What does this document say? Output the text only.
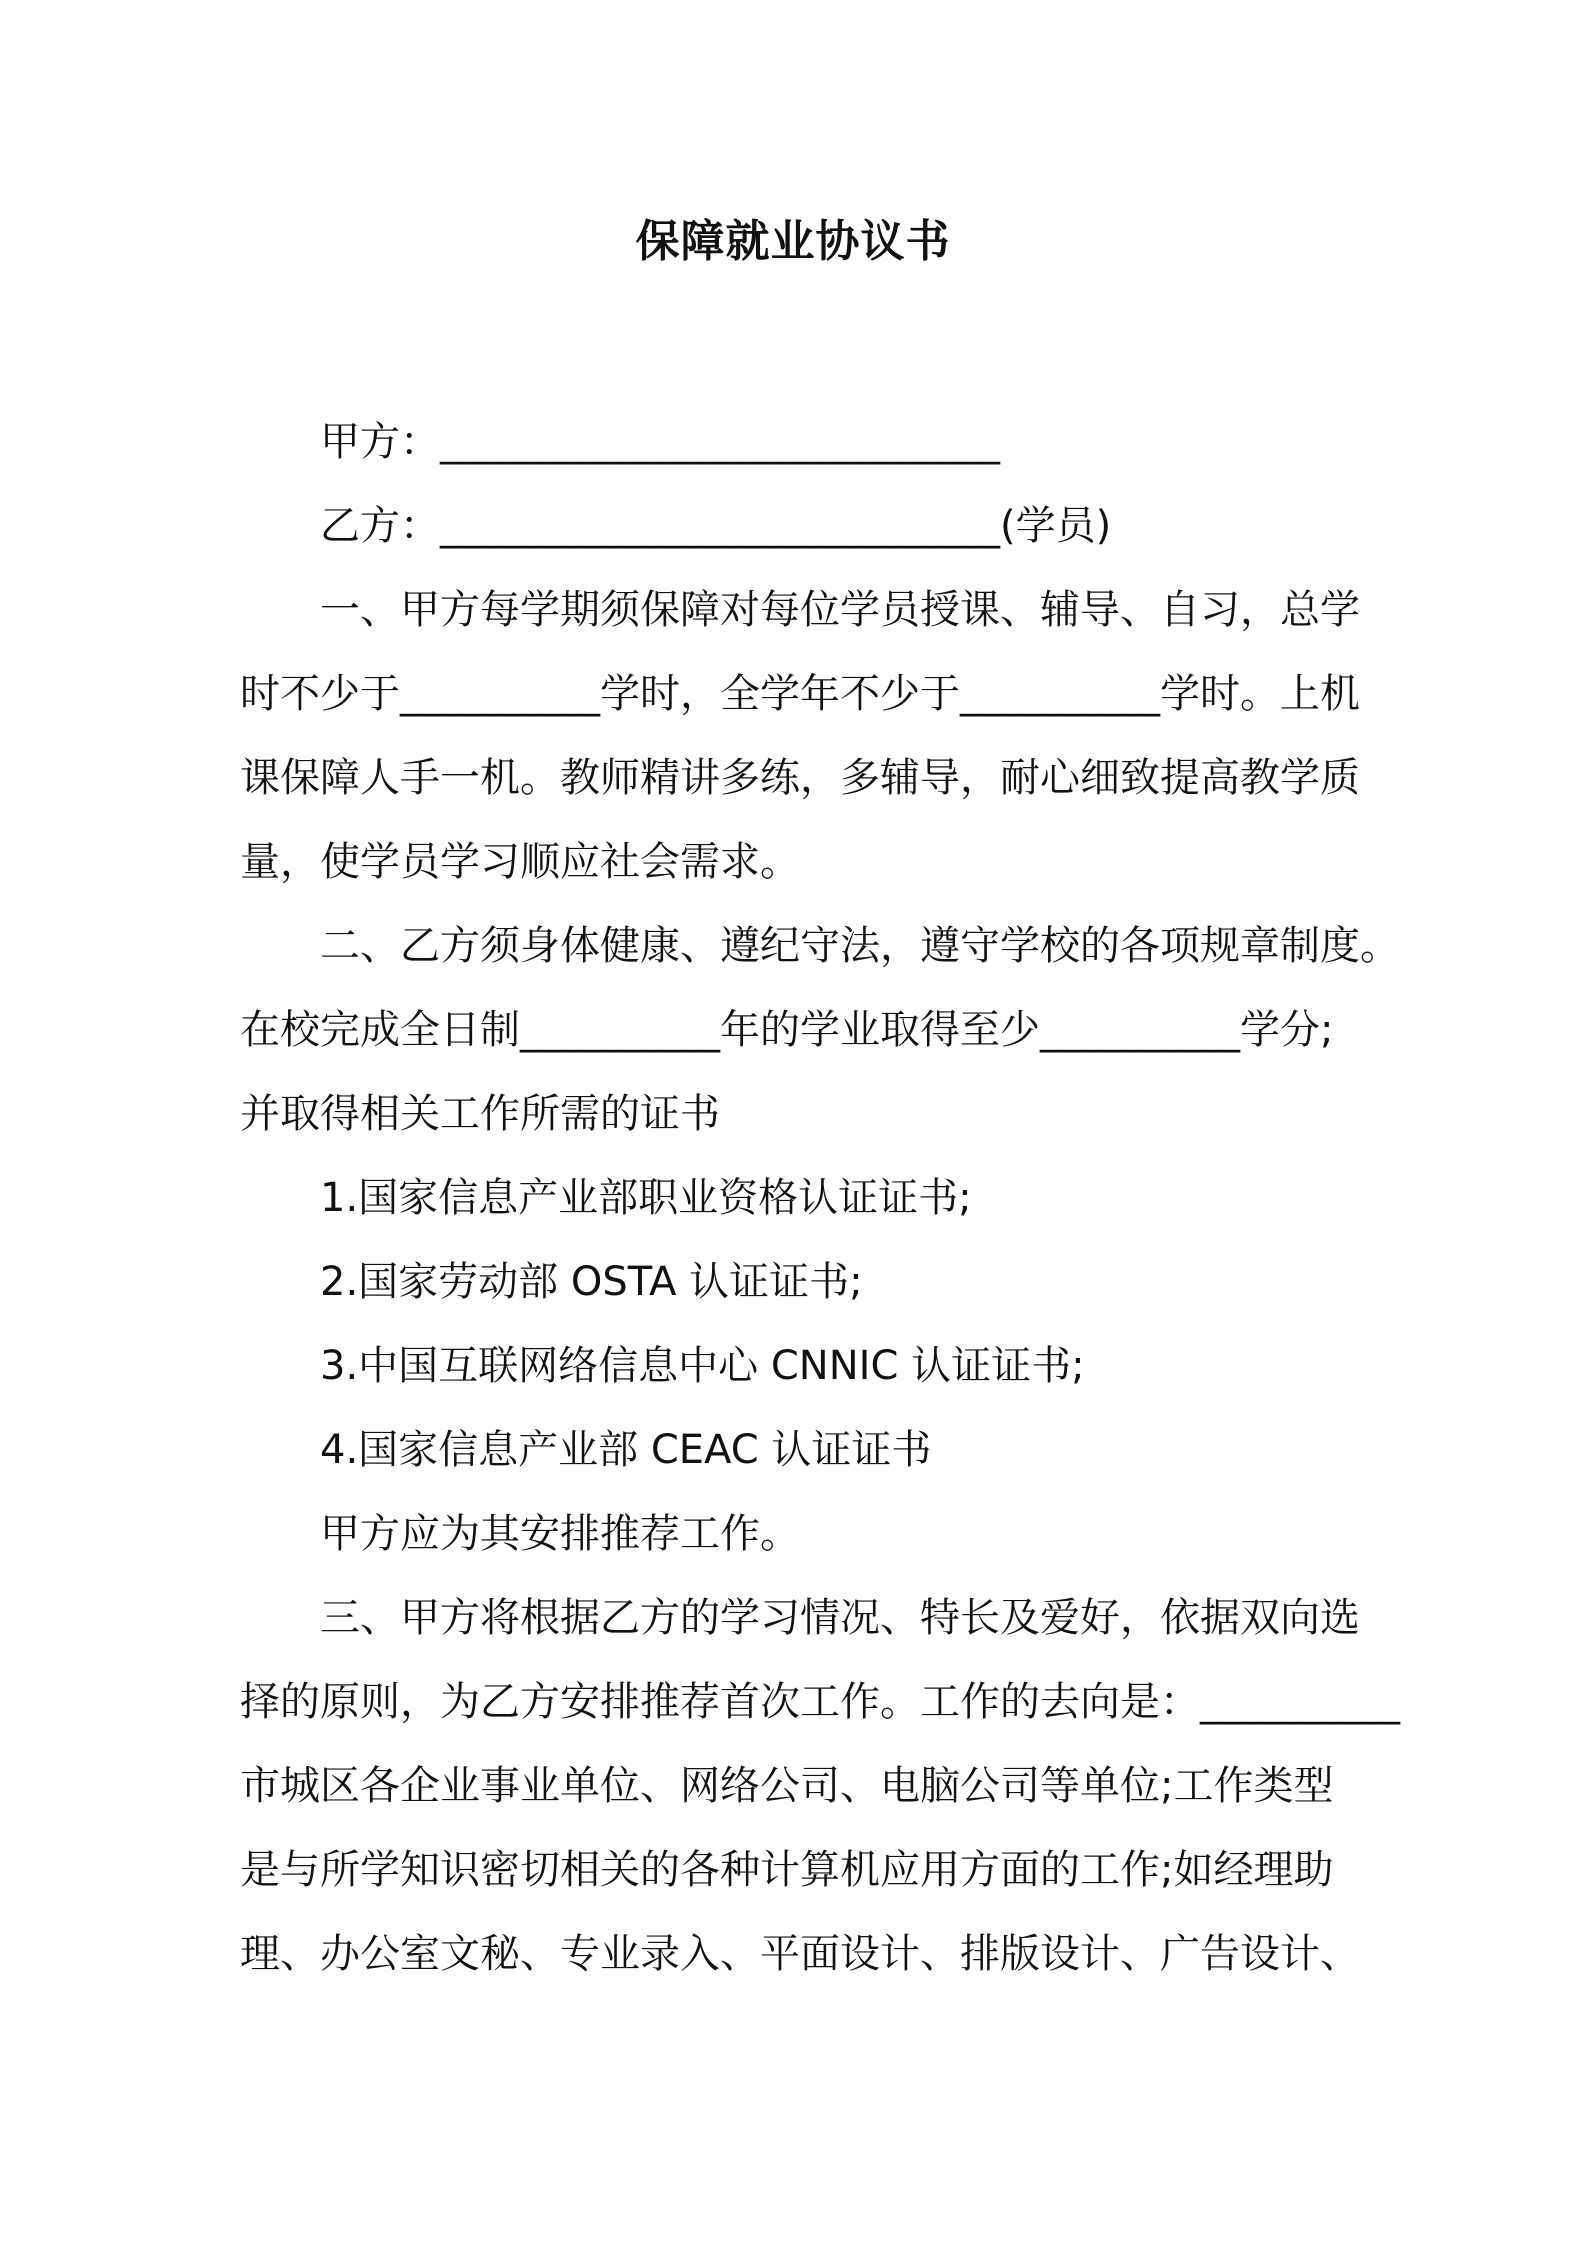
保障就业协议书
甲方：____________________________
乙方：____________________________(学员)
一、甲方每学期须保障对每位学员授课、辅导、自习，总学
时不少于__________学时，全学年不少于__________学时。上机
课保障人手一机。教师精讲多练，多辅导，耐心细致提高教学质
量，使学员学习顺应社会需求。
二、乙方须身体健康、遵纪守法，遵守学校的各项规章制度。
在校完成全日制__________年的学业取得至少__________学分;
并取得相关工作所需的证书
1.国家信息产业部职业资格认证证书;
2.国家劳动部 OSTA 认证证书;
3.中国互联网络信息中心 CNNIC 认证证书;
4.国家信息产业部 CEAC 认证证书
甲方应为其安排推荐工作。
三、甲方将根据乙方的学习情况、特长及爱好，依据双向选
择的原则，为乙方安排推荐首次工作。工作的去向是：__________
市城区各企业事业单位、网络公司、电脑公司等单位;工作类型
是与所学知识密切相关的各种计算机应用方面的工作;如经理助
理、办公室文秘、专业录入、平面设计、排版设计、广告设计、
